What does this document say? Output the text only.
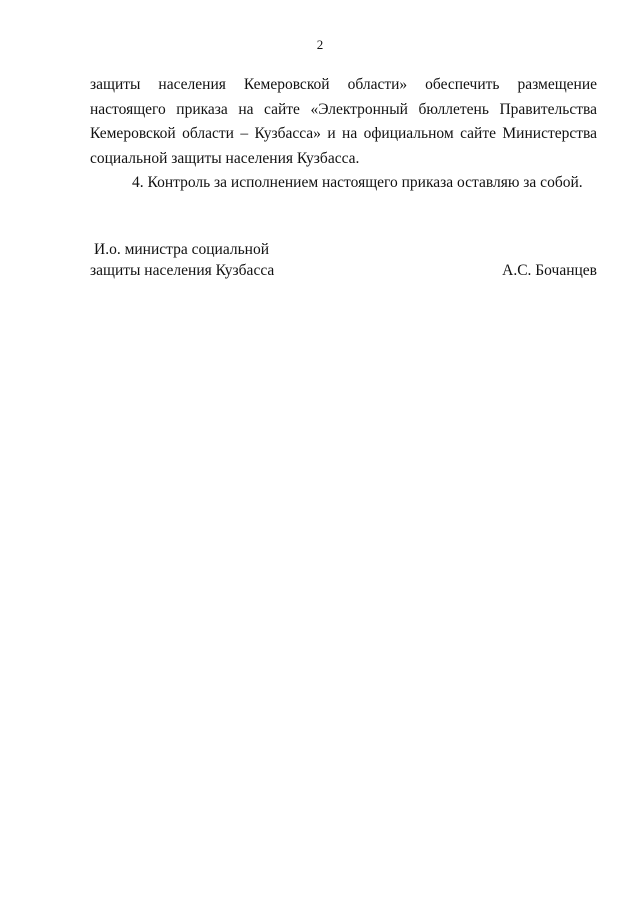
2

защиты населения Кемеровской области» обеспечить размещение настоящего приказа на сайте «Электронный бюллетень Правительства Кемеровской области – Кузбасса» и на официальном сайте Министерства социальной защиты населения Кузбасса.

4. Контроль за исполнением настоящего приказа оставляю за собой.

И.о. министра социальной
защиты населения Кузбасса	А.С. Бочанцев
